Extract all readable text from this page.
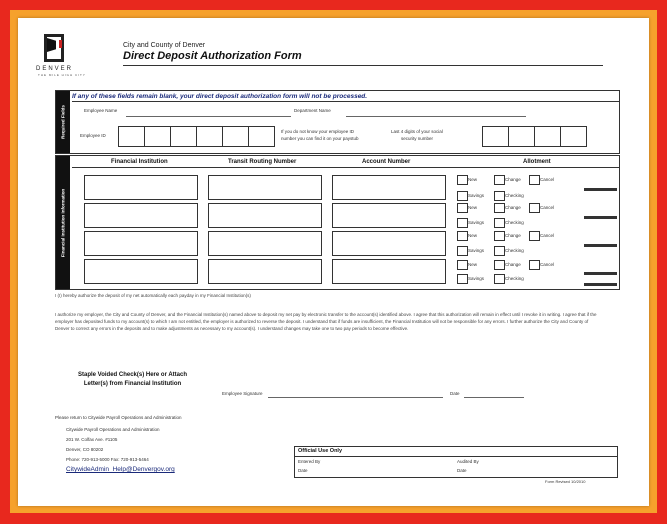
DENVER
THE MILE HIGH CITY
City and County of Denver
Direct Deposit Authorization Form
Required Fields
If any of these fields remain blank, your direct deposit authorization form will not be processed.
Employee Name	Department Name
Employee ID
If you do not know your employee ID
number you can find it on your paystub
Last 4 digits of your social
security number
Financial Institution Information
Financial Institution	Transit Routing Number	Account Number	Allotment
New	Change	Cancel
Savings	Checking
New	Change	Cancel
Savings	Checking
New	Change	Cancel
Savings	Checking
New	Change	Cancel
Savings	Checking
I (I) hereby authorize the deposit of my net automatically each payday in my Financial Institution(s)
I authorize my employer, the City and County of Denver, and the Financial Institution(s) named above to deposit my net pay by electronic transfer to the account(s) identified above. I agree that this authorization will remain in effect until I revoke it in writing. I agree that if the employer has deposited funds to my account(s) to which I am not entitled, the employer is authorized to reverse the deposit. I understand that if funds are insufficient, the Financial Institution will not be responsible for any errors. I further authorize the City and County of Denver to correct any errors in the deposits and to make adjustments as necessary to my account(s). I understand changes may take one to two pay periods to become effective.
Staple Voided Check(s) Here or Attach
Letter(s) from Financial Institution
Employee Signature	Date
Please return to Citywide Payroll Operations and Administration
Citywide Payroll Operations and Administration
201 W. Colfax Ave. #1105
Denver, CO 80202
Phone: 720-913-5000 Fax: 720-913-5464
CitywideAdmin_Help@Denvergov.org
Official Use Only
Entered By	Audited By
Date	Date
Form Revised 10/2010
